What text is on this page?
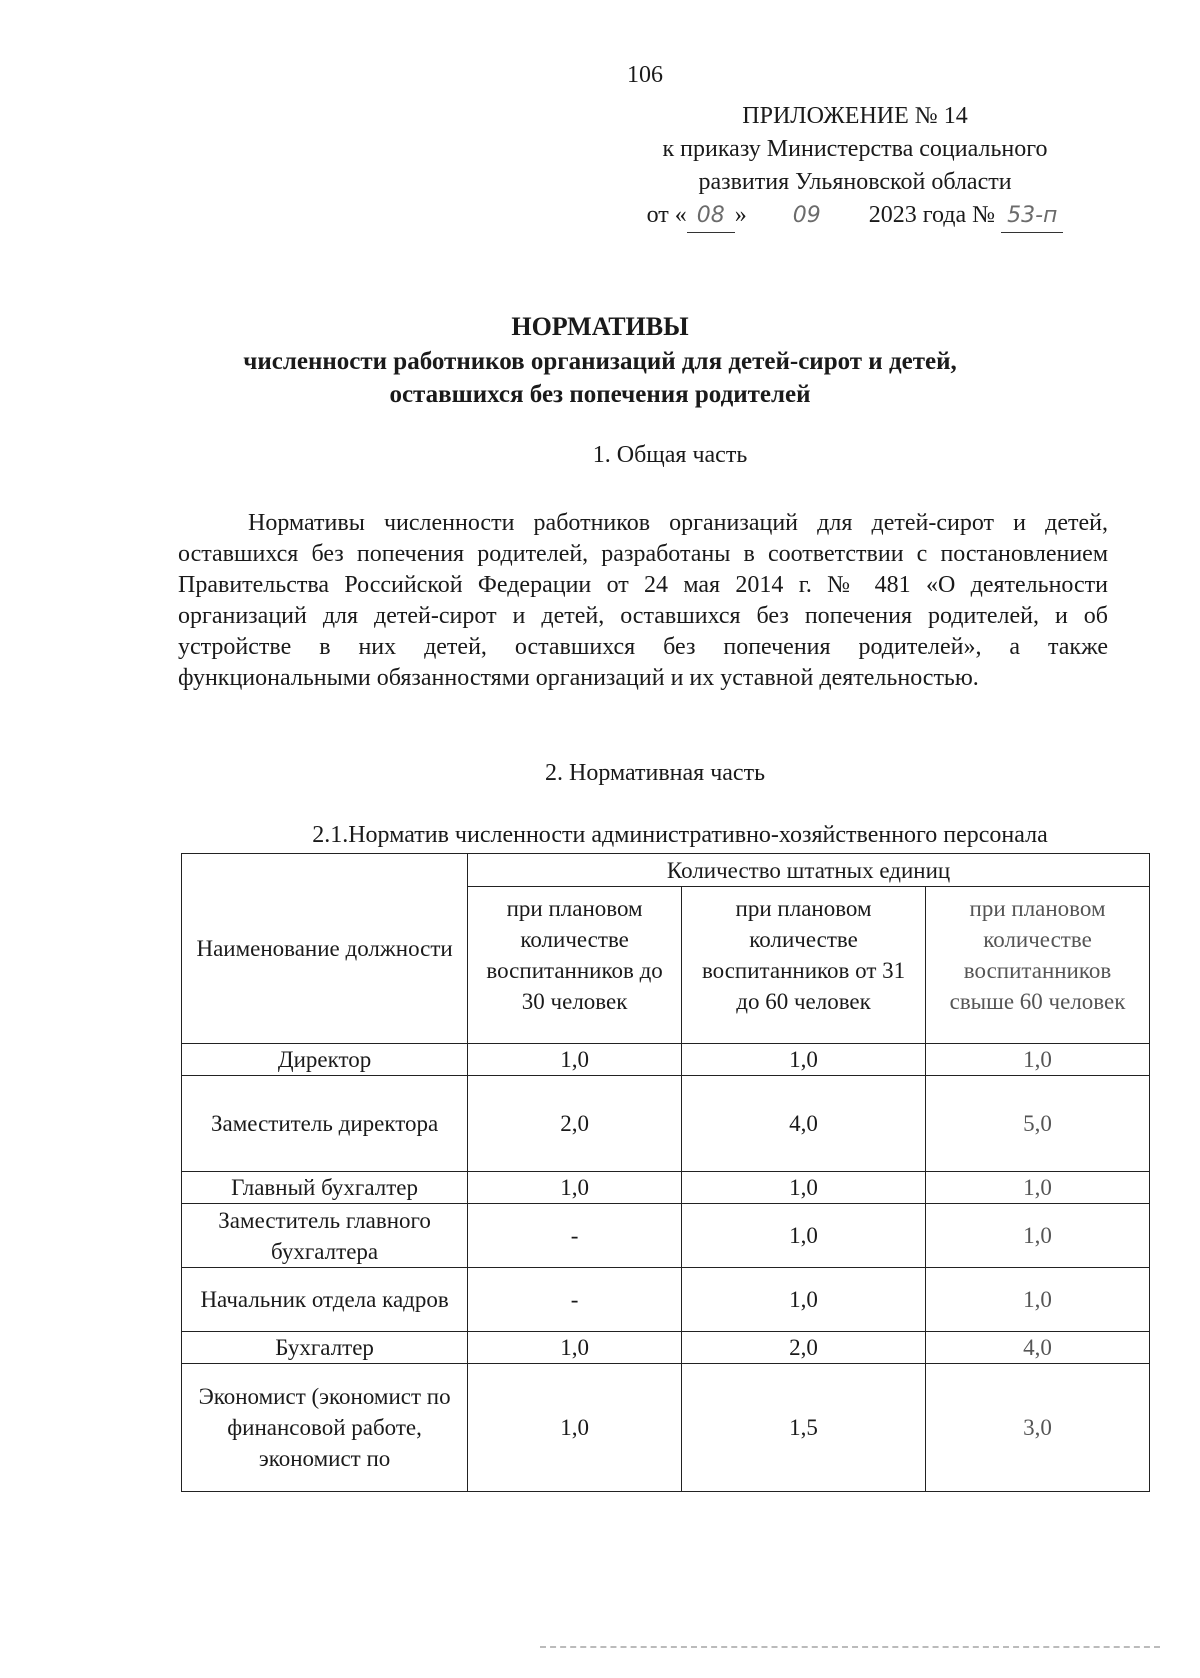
106
ПРИЛОЖЕНИЕ № 14
к приказу Министерства социального
развития Ульяновской области
от « 08 » 09 2023 года № 53-п
НОРМАТИВЫ
численности работников организаций для детей-сирот и детей,
оставшихся без попечения родителей
1. Общая часть

Нормативы численности работников организаций для детей-сирот и детей, оставшихся без попечения родителей, разработаны в соответствии с постановлением Правительства Российской Федерации от 24 мая 2014 г. № 481 «О деятельности организаций для детей-сирот и детей, оставшихся без попечения родителей, и об устройстве в них детей, оставшихся без попечения родителей», а также функциональными обязанностями организаций и их уставной деятельностью.

2. Нормативная часть
2.1.Норматив численности административно-хозяйственного персонала
Наименование должности	Количество штатных единиц		
	при плановом количестве воспитанников до 30 человек	при плановом количестве воспитанников от 31 до 60 человек	при плановом количестве воспитанников свыше 60 человек
Директор	1,0	1,0	1,0
Заместитель директора	2,0	4,0	5,0
Главный бухгалтер	1,0	1,0	1,0
Заместитель главного бухгалтера	-	1,0	1,0
Начальник отдела кадров	-	1,0	1,0
Бухгалтер	1,0	2,0	4,0
Экономист (экономист по финансовой работе, экономист по	1,0	1,5	3,0
